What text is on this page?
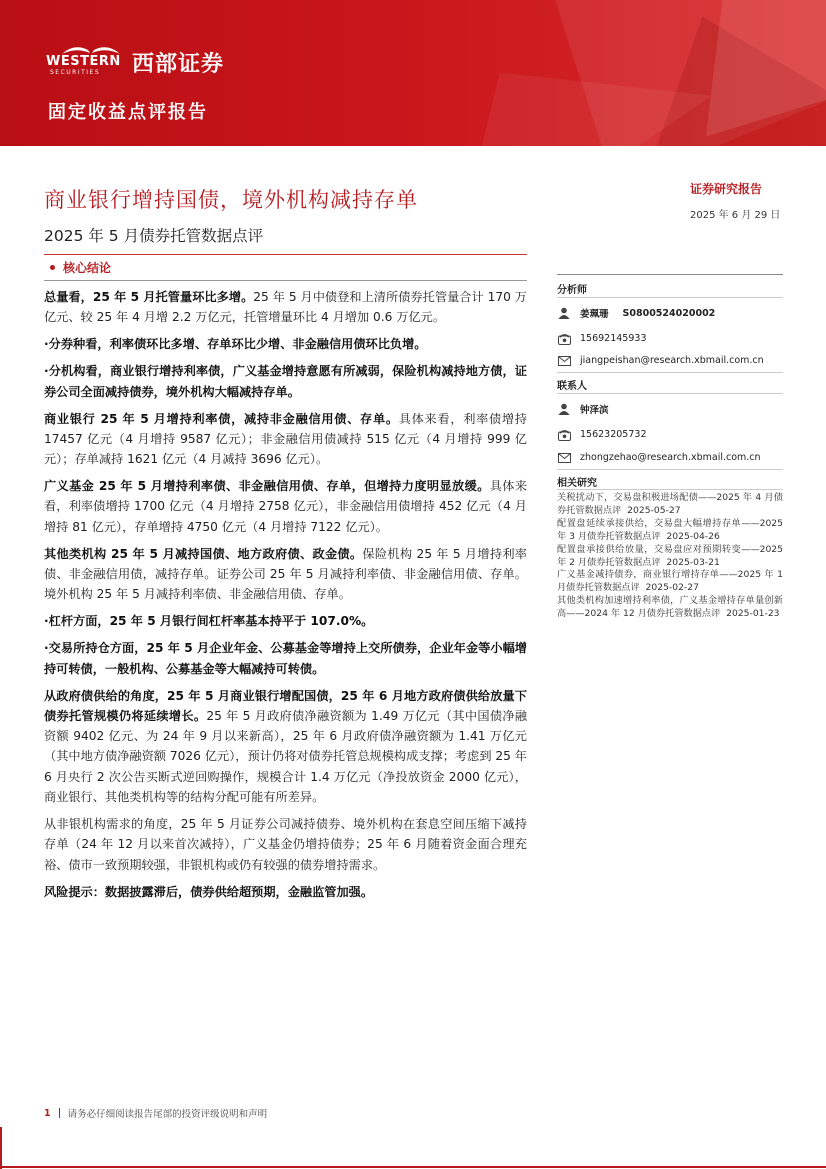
WESTERN
SECURITIES 西部证券
固定收益点评报告
商业银行增持国债，境外机构减持存单
2025 年 5 月债券托管数据点评
核心结论

总量看，25 年 5 月托管量环比多增。25 年 5 月中债登和上清所债券托管量合计 170 万亿元、较 25 年 4 月增 2.2 万亿元，托管增量环比 4 月增加 0.6 万亿元。

·分券种看，利率债环比多增、存单环比少增、非金融信用债环比负增。

·分机构看，商业银行增持利率债，广义基金增持意愿有所减弱，保险机构减持地方债，证券公司全面减持债券，境外机构大幅减持存单。

商业银行 25 年 5 月增持利率债，减持非金融信用债、存单。具体来看，利率债增持 17457 亿元（4 月增持 9587 亿元）；非金融信用债减持 515 亿元（4 月增持 999 亿元）；存单减持 1621 亿元（4 月减持 3696 亿元）。

广义基金 25 年 5 月增持利率债、非金融信用债、存单，但增持力度明显放缓。具体来看，利率债增持 1700 亿元（4 月增持 2758 亿元），非金融信用债增持 452 亿元（4 月增持 81 亿元），存单增持 4750 亿元（4 月增持 7122 亿元）。

其他类机构 25 年 5 月减持国债、地方政府债、政金债。保险机构 25 年 5 月增持利率债、非金融信用债，减持存单。证券公司 25 年 5 月减持利率债、非金融信用债、存单。境外机构 25 年 5 月减持利率债、非金融信用债、存单。

·杠杆方面，25 年 5 月银行间杠杆率基本持平于 107.0%。

·交易所持仓方面，25 年 5 月企业年金、公募基金等增持上交所债券，企业年金等小幅增持可转债，一般机构、公募基金等大幅减持可转债。

从政府债供给的角度，25 年 5 月商业银行增配国债，25 年 6 月地方政府债供给放量下债券托管规模仍将延续增长。25 年 5 月政府债净融资额为 1.49 万亿元（其中国债净融资额 9402 亿元、为 24 年 9 月以来新高），25 年 6 月政府债净融资额为 1.41 万亿元（其中地方债净融资额 7026 亿元），预计仍将对债券托管总规模构成支撑；考虑到 25 年 6 月央行 2 次公告买断式逆回购操作，规模合计 1.4 万亿元（净投放资金 2000 亿元），商业银行、其他类机构等的结构分配可能有所差异。

从非银机构需求的角度，25 年 5 月证券公司减持债券、境外机构在套息空间压缩下减持存单（24 年 12 月以来首次减持），广义基金仍增持债券；25 年 6 月随着资金面合理充裕、债市一致预期较强，非银机构或仍有较强的债券增持需求。

风险提示：数据披露滞后，债券供给超预期，金融监管加强。

证券研究报告
2025 年 6 月 29 日
分析师
姜珮珊 S0800524020002
15692145933
jiangpeishan@research.xbmail.com.cn
联系人
钟泽滨
15623205732
zhongzehao@research.xbmail.com.cn
相关研究
关税扰动下，交易盘积极进场配债——2025 年 4 月债券托管数据点评 2025-05-27
配置盘延续承接供给，交易盘大幅增持存单——2025 年 3 月债券托管数据点评 2025-04-26
配置盘承接供给放量，交易盘应对预期转变——2025 年 2 月债券托管数据点评 2025-03-21
广义基金减持债券，商业银行增持存单——2025 年 1 月债券托管数据点评 2025-02-27
其他类机构加速增持利率债，广义基金增持存单量创新高——2024 年 12 月债券托管数据点评 2025-01-23
1 请务必仔细阅读报告尾部的投资评级说明和声明
